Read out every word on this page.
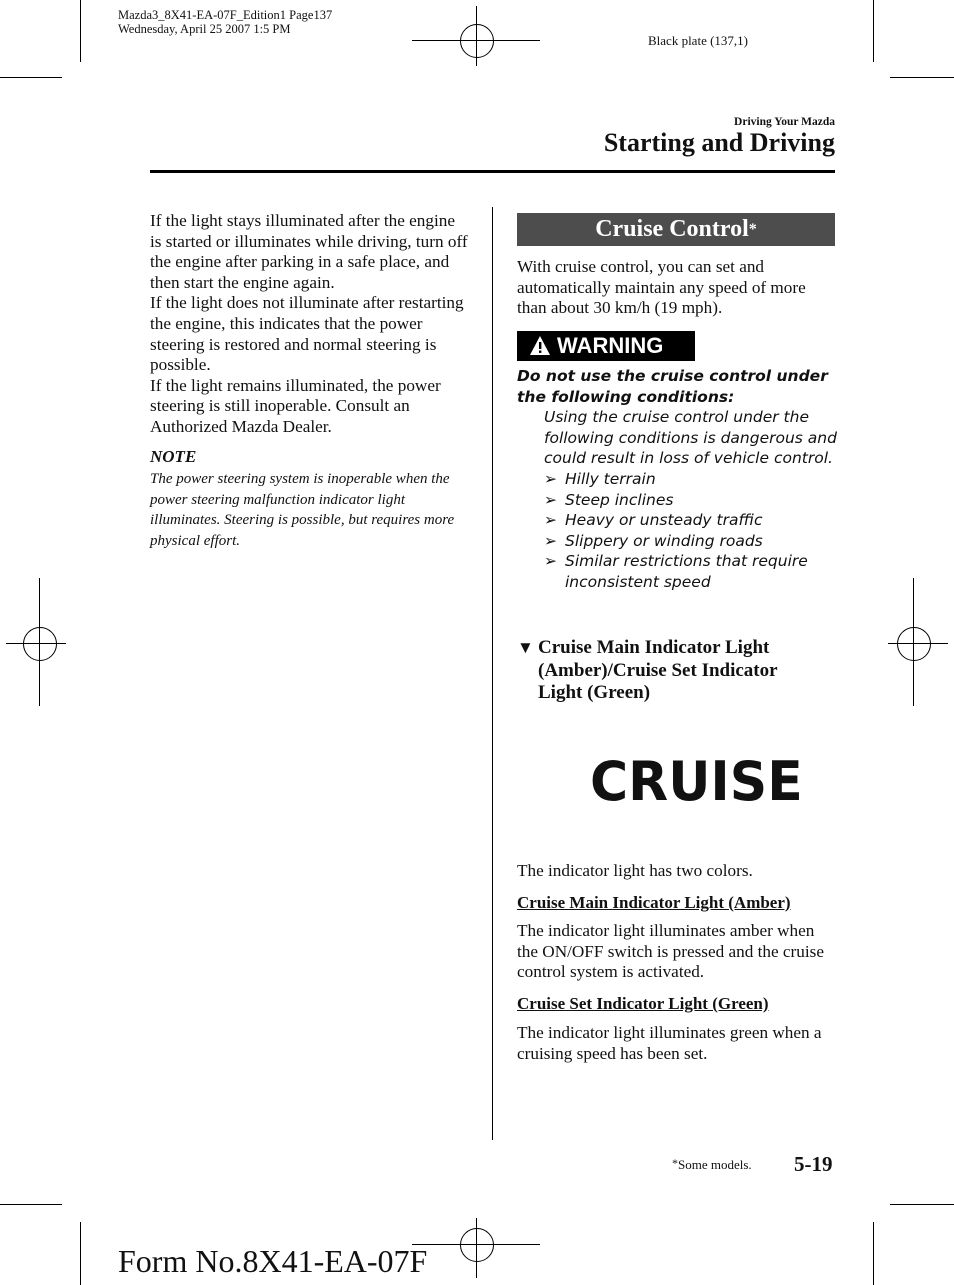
Mazda3_8X41-EA-07F_Edition1 Page137
Wednesday, April 25 2007 1:5 PM
Black plate (137,1)
Driving Your Mazda
Starting and Driving

If the light stays illuminated after the engine is started or illuminates while driving, turn off the engine after parking in a safe place, and then start the engine again.

If the light does not illuminate after restarting the engine, this indicates that the power steering is restored and normal steering is possible.

If the light remains illuminated, the power steering is still inoperable. Consult an Authorized Mazda Dealer.

NOTE
The power steering system is inoperable when the power steering malfunction indicator light illuminates. Steering is possible, but requires more physical effort.
Cruise Control*
With cruise control, you can set and automatically maintain any speed of more than about 30 km/h (19 mph).
WARNING
Do not use the cruise control under the following conditions:
Using the cruise control under the following conditions is dangerous and could result in loss of vehicle control.
➢ Hilly terrain
➢ Steep inclines
➢ Heavy or unsteady traffic
➢ Slippery or winding roads
➢ Similar restrictions that require inconsistent speed
▼ Cruise Main Indicator Light (Amber)/Cruise Set Indicator Light (Green)
CRUISE
The indicator light has two colors.
Cruise Main Indicator Light (Amber)
The indicator light illuminates amber when the ON/OFF switch is pressed and the cruise control system is activated.
Cruise Set Indicator Light (Green)
The indicator light illuminates green when a cruising speed has been set.
*Some models. 5-19
Form No.8X41-EA-07F
